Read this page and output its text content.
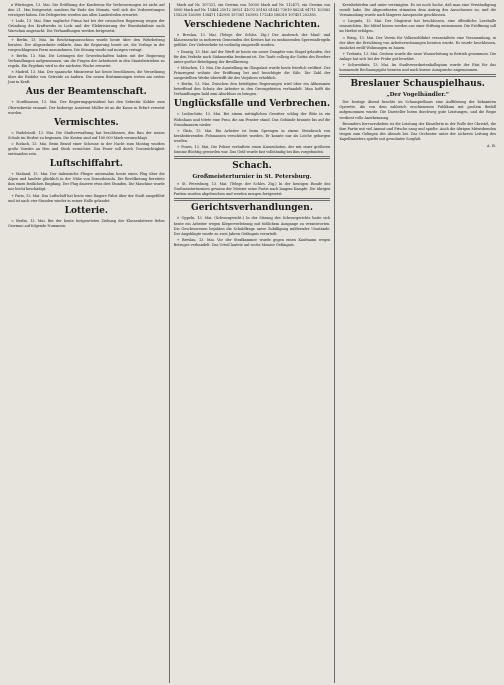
x Würtingen, 13. Mai. Die Eröffnung der Konferenz für Verbesserungen ist nicht auf den 21. Mai festgesetzt, sondern für Ende des Monats, weil sich die Vorbereitungen verzögert haben. Die Delegierten werden aus allen Landesteilen erwartet.

+ Lodz, 13. Mai. Eine englische Firma hat bei der russischen Regierung wegen der Gründung des Kraftwerks in Lodz und der Elektrisierung der Eisenbahnlinie nach Warschau angesucht. Die Verhandlungen werden fortgesetzt.

+ Berlin, 13. Mai. Im Reichstagsausschuss wurde heute über den Wehrbeitrag beraten. Der Abgeordnete erklärte, dass die Regierung bereit sei, die Vorlage in der vorgeschlagenen Form anzunehmen. Die Sitzung wurde auf morgen vertagt.

× Berlin, 13. Mai. Die Leitungen der Gewerkschaften haben mit der Regierung Verhandlungen aufgenommen, um die Fragen der Arbeitszeit in den Staatsbetrieben zu regeln. Ein Ergebnis wird in der nächsten Woche erwartet.

× Madrid, 13. Mai. Der spanische Ministerrat hat heute beschlossen, die Verordnung über die Einfuhr von Getreide zu ändern. Die neuen Bestimmungen treten am ersten Juni in Kraft.

Aus der Beamtenschaft.

+ Nordhausen, 13. Mai. Der Regierungspräsident hat den Sekretär Kohler zum Obersekretär ernannt. Der bisherige Assistent Müller ist an die Kasse in Erfurt versetzt worden.

Vermischtes.

= Rudolstadt, 13. Mai. Die Stadtverwaltung hat beschlossen, den Bau der neuen Schule im Herbst zu beginnen. Die Kosten sind auf 180 000 Mark veranschlagt.

= Rodach, 13. Mai. Beim Brand einer Scheune in der Nacht zum Montag wurden große Vorräte an Heu und Stroh vernichtet. Das Feuer soll durch Unvorsichtigkeit entstanden sein.

Luftschiffahrt.

+ Mailand, 13. Mai. Der italienische Flieger unternahm heute einen Flug über die Alpen und landete glücklich in der Nähe von Domodossola. Die Bevölkerung bereitete ihm einen festlichen Empfang. Der Flug dauerte etwa drei Stunden. Die Maschine wurde nur leicht beschädigt.

+ Paris, 13. Mai. Das Luftschiff hat heute eine längere Fahrt über der Stadt ausgeführt und ist nach vier Stunden wieder in seiner Halle gelandet.

Lotterie.

= Berlin, 13. Mai. Bei der heute fortgesetzten Ziehung der Klassenlotterie fielen Gewinne auf folgende Nummern.

Mark auf Nr. 107321, ein Gewinn von 10000 Mark auf Nr. 112471, ein Gewinn von 5000 Mark auf Nr. 15464 25012 36921 41072 55183 61042 73019 88234 94711 103562 118226 126300 138471 142905 157381 163992 171240 188310 197451 202385.

Verschiedene Nachrichten.

× Breslau, 13. Mai. (Telegr. der Schles. Ztg.) Der Ausbruch der Maul- und Klauenseuche in mehreren Gemeinden des Kreises hat zu umfassenden Sperrmaßregeln geführt. Der Viehverkehr ist vorläufig eingestellt worden.

+ Danzig, 13. Mai. Auf der Werft ist heute ein neuer Dampfer vom Stapel gelaufen, der für den Verkehr nach Südamerika bestimmt ist. Die Taufe vollzog die Gattin des Reeders unter großer Beteiligung der Bevölkerung.

+ München, 13. Mai. Die Ausstellung im Glaspalast wurde heute feierlich eröffnet. Der Prinzregent wohnte der Eröffnung bei und besichtigte die Säle. Die Zahl der ausgestellten Werke übertrifft die des Vorjahres erheblich.

+ Berlin, 13. Mai. Zwischen den beteiligten Regierungen wird über ein Abkommen betreffend den Schutz der Arbeiter in den Grenzgebieten verhandelt. Man hofft die Verhandlungen bald zum Abschluss zu bringen.

Unglücksfälle und Verbrechen.

= Leobschütz, 13. Mai. Bei einem mittäglichen Gewitter schlug der Blitz in ein Wohnhaus und tötete eine Frau, die am Fenster stand. Das Gebäude brannte bis auf die Grundmauern nieder.

+ Glatz, 13. Mai. Ein Arbeiter ist beim Sprengen in einem Steinbruch von herabstürzenden Felsmassen verschüttet worden. Er konnte nur als Leiche geborgen werden.

+ Posen, 13. Mai. Die Polizei verhaftete einen Kassenboten, der mit einer größeren Summe flüchtig geworden war. Das Geld wurde fast vollständig bei ihm vorgefunden.

Schach.
Großmeisterturnier in St. Petersburg.

× St. Petersburg, 13. Mai. (Telegr. der Schles. Ztg.) In der heutigen Runde des Großmeisterturniers gewann der Meister seine Partie nach langem Kampfe. Die übrigen Partien wurden abgebrochen und werden morgen fortgesetzt.

Gerichtsverhandlungen.

× Oppeln, 13. Mai. (Schwurgericht.) In der Sitzung des Schwurgerichts hatte sich heute ein Arbeiter wegen Körperverletzung mit tödlichem Ausgange zu verantworten. Die Geschworenen bejahten die Schuldfrage unter Zubilligung mildernder Umstände. Der Angeklagte wurde zu zwei Jahren Gefängnis verurteilt.

+ Breslau, 13. Mai. Vor der Strafkammer wurde gegen einen Kaufmann wegen Betruges verhandelt. Das Urteil lautete auf sechs Monate Gefängnis.

Kreisbehörden und unter vereinigten. Es sei noch Sache, daß man eine Verständigung erzielt habe. Die Abgeordneten stimmten dem Antrag des Ausschusses zu, und die Versammlung wurde nach längerer Aussprache geschlossen.

= Liegnitz, 13. Mai. Der Magistrat hat beschlossen, eine öffentliche Lesehalle einzurichten. Die Mittel hierzu werden aus einer Stiftung entnommen. Die Eröffnung soll im Herbst erfolgen.

= Brieg, 13. Mai. Der Verein für Volkswohlfahrt veranstaltete eine Versammlung, in der über die Errichtung von Arbeiterwohnungen beraten wurde. Es wurde beschlossen, zunächst zwölf Wohnungen zu bauen.

+ Trebnitz, 13. Mai. Gestern wurde die neue Wasserleitung in Betrieb genommen. Die Anlage hat sich bei der Probe gut bewährt.

+ Schweidnitz, 13. Mai. Im Stadtverordnetenkollegium wurde der Etat für das kommende Rechnungsjahr beraten und nach kurzer Aussprache angenommen.

Breslauer Schauspielhaus.
„Der Vogelhändler.“

Der heutige Abend brachte im Schauspielhaus eine Aufführung der bekannten Operette, die von dem zahlreich erschienenen Publikum mit großem Beifall aufgenommen wurde. Die Darsteller boten durchweg gute Leistungen, und die Regie verdient volle Anerkennung.

Besonders hervorzuheben ist die Leistung der Künstlerin in der Rolle der Christel, die ihre Partie mit viel Anmut und Frische sang und spielte. Auch die übrigen Mitwirkenden trugen zum Gelingen des Abends bei. Das Orchester unter der sicheren Leitung des Kapellmeisters spielte mit gewohnter Sorgfalt.

A. B.
